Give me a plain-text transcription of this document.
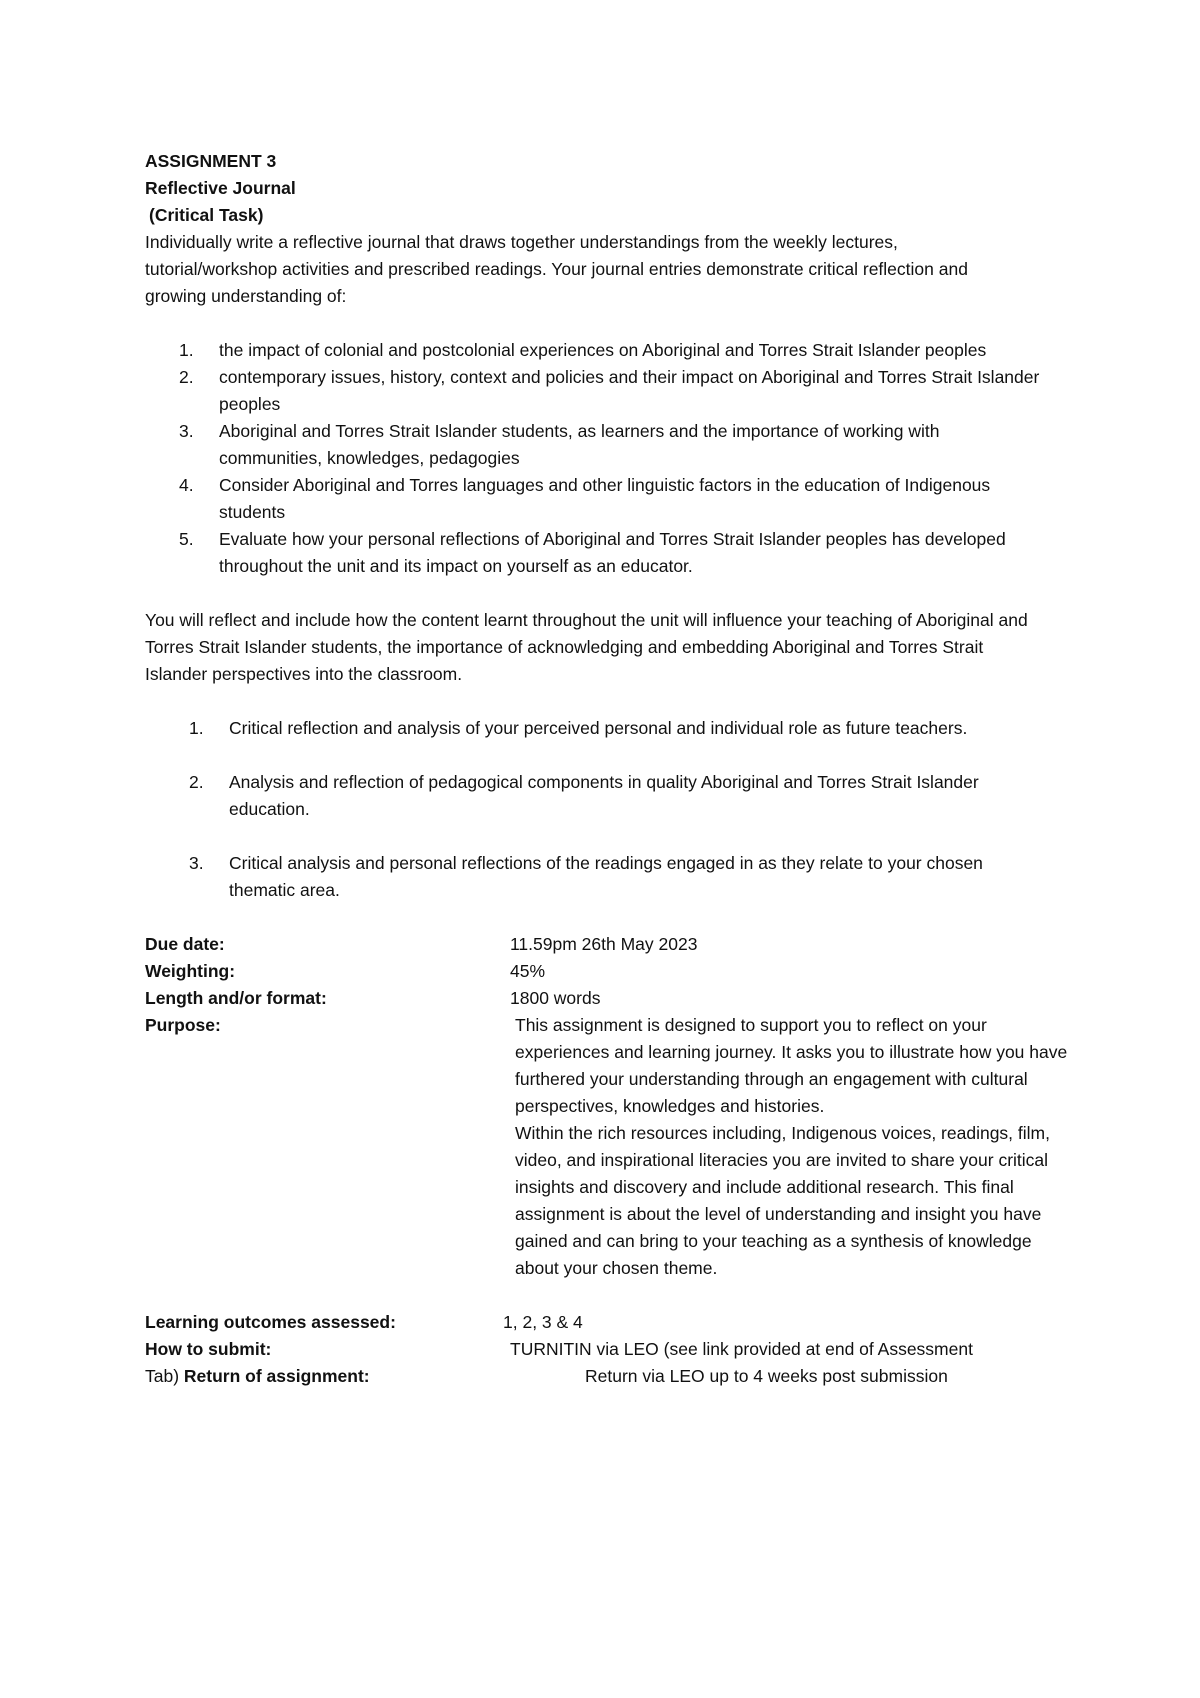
ASSIGNMENT 3

Reflective Journal

(Critical Task)

Individually write a reflective journal that draws together understandings from the weekly lectures, tutorial/workshop activities and prescribed readings. Your journal entries demonstrate critical reflection and growing understanding of:

1.	the impact of colonial and postcolonial experiences on Aboriginal and Torres Strait Islander peoples
2.	contemporary issues, history, context and policies and their impact on Aboriginal and Torres Strait Islander peoples
3.	Aboriginal and Torres Strait Islander students, as learners and the importance of working with communities, knowledges, pedagogies
4.	Consider Aboriginal and Torres languages and other linguistic factors in the education of Indigenous students
5.	Evaluate how your personal reflections of Aboriginal and Torres Strait Islander peoples has developed throughout the unit and its impact on yourself as an educator.

You will reflect and include how the content learnt throughout the unit will influence your teaching of Aboriginal and Torres Strait Islander students, the importance of acknowledging and embedding Aboriginal and Torres Strait Islander perspectives into the classroom.

1.	Critical reflection and analysis of your perceived personal and individual role as future teachers.
2.	Analysis and reflection of pedagogical components in quality Aboriginal and Torres Strait Islander education.
3.	Critical analysis and personal reflections of the readings engaged in as they relate to your chosen thematic area.
Due date:	11.59pm 26th May 2023
Weighting:	45%
Length and/or format:	1800 words
Purpose:	This assignment is designed to support you to reflect on your experiences and learning journey. It asks you to illustrate how you have furthered your understanding through an engagement with cultural perspectives, knowledges and histories.
Within the rich resources including, Indigenous voices, readings, film, video, and inspirational literacies you are invited to share your critical insights and discovery and include additional research. This final assignment is about the level of understanding and insight you have gained and can bring to your teaching as a synthesis of knowledge about your chosen theme.
Learning outcomes assessed:	1, 2, 3 & 4
How to submit:	TURNITIN via LEO (see link provided at end of Assessment
Tab) Return of assignment:	Return via LEO up to 4 weeks post submission
